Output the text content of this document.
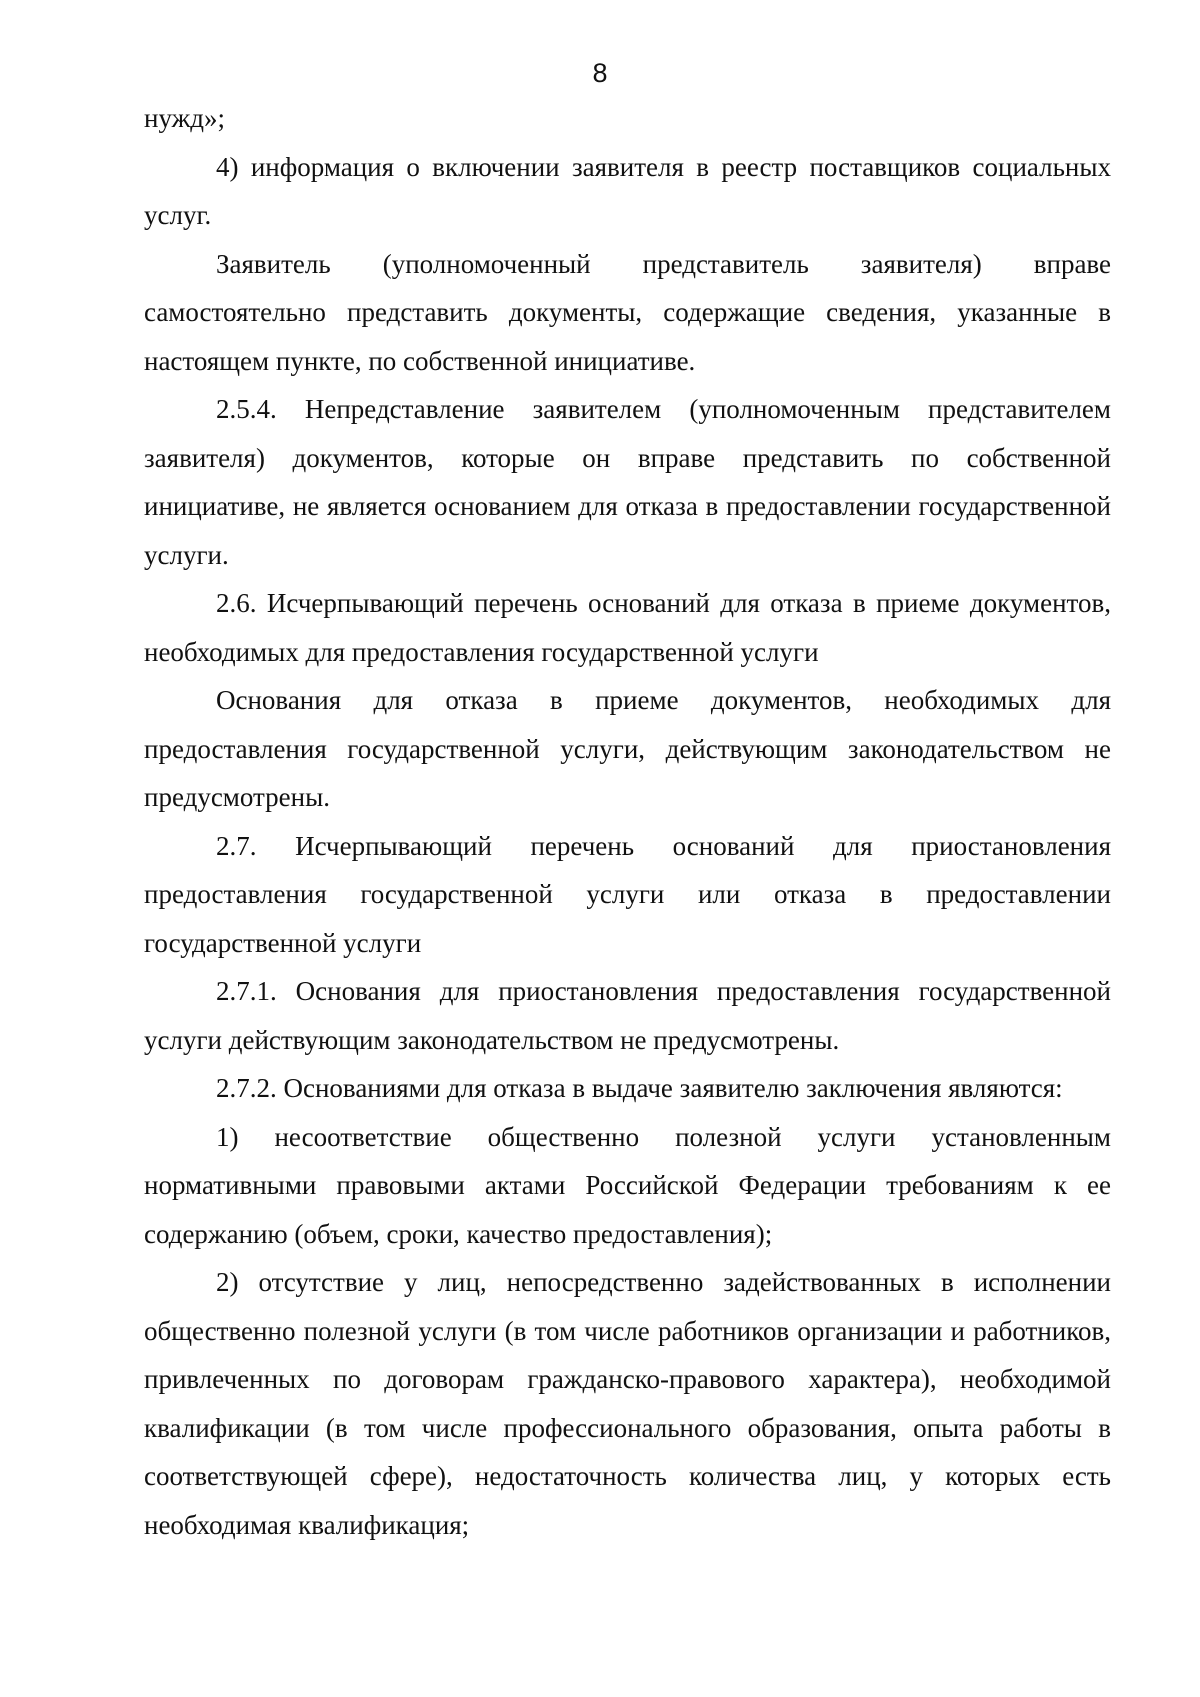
8

нужд»;

4) информация о включении заявителя в реестр поставщиков социальных услуг.

Заявитель (уполномоченный представитель заявителя) вправе самостоятельно представить документы, содержащие сведения, указанные в настоящем пункте, по собственной инициативе.

2.5.4. Непредставление заявителем (уполномоченным представителем заявителя) документов, которые он вправе представить по собственной инициативе, не является основанием для отказа в предоставлении государственной услуги.

2.6. Исчерпывающий перечень оснований для отказа в приеме документов, необходимых для предоставления государственной услуги

Основания для отказа в приеме документов, необходимых для предоставления государственной услуги, действующим законодательством не предусмотрены.

2.7. Исчерпывающий перечень оснований для приостановления предоставления государственной услуги или отказа в предоставлении государственной услуги

2.7.1. Основания для приостановления предоставления государственной услуги действующим законодательством не предусмотрены.

2.7.2. Основаниями для отказа в выдаче заявителю заключения являются:

1) несоответствие общественно полезной услуги установленным нормативными правовыми актами Российской Федерации требованиям к ее содержанию (объем, сроки, качество предоставления);

2) отсутствие у лиц, непосредственно задействованных в исполнении общественно полезной услуги (в том числе работников организации и работников, привлеченных по договорам гражданско-правового характера), необходимой квалификации (в том числе профессионального образования, опыта работы в соответствующей сфере), недостаточность количества лиц, у которых есть необходимая квалификация;
